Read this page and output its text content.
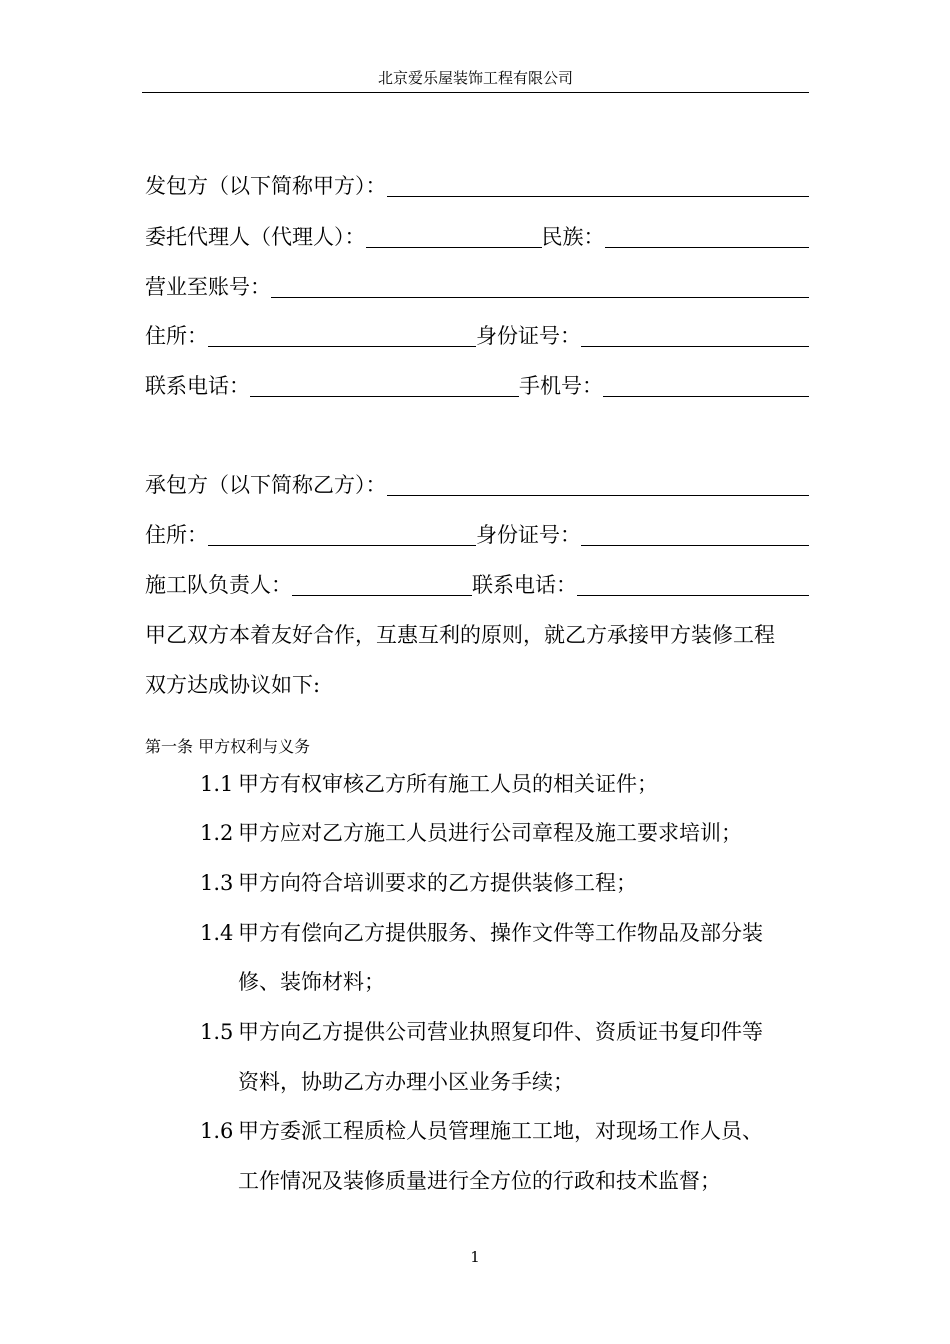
北京爱乐屋装饰工程有限公司
发包方（以下简称甲方）：
委托代理人（代理人）：	民族：
营业至账号：
住所：	身份证号：
联系电话：	手机号：
承包方（以下简称乙方）：
住所：	身份证号：
施工队负责人：	联系电话：
甲乙双方本着友好合作，互惠互利的原则，就乙方承接甲方装修工程
双方达成协议如下:
第一条 甲方权利与义务
1.1 甲方有权审核乙方所有施工人员的相关证件；
1.2 甲方应对乙方施工人员进行公司章程及施工要求培训；
1.3 甲方向符合培训要求的乙方提供装修工程；
1.4 甲方有偿向乙方提供服务、操作文件等工作物品及部分装
修、装饰材料；
1.5 甲方向乙方提供公司营业执照复印件、资质证书复印件等
资料，协助乙方办理小区业务手续；
1.6 甲方委派工程质检人员管理施工工地，对现场工作人员、
工作情况及装修质量进行全方位的行政和技术监督；
1
